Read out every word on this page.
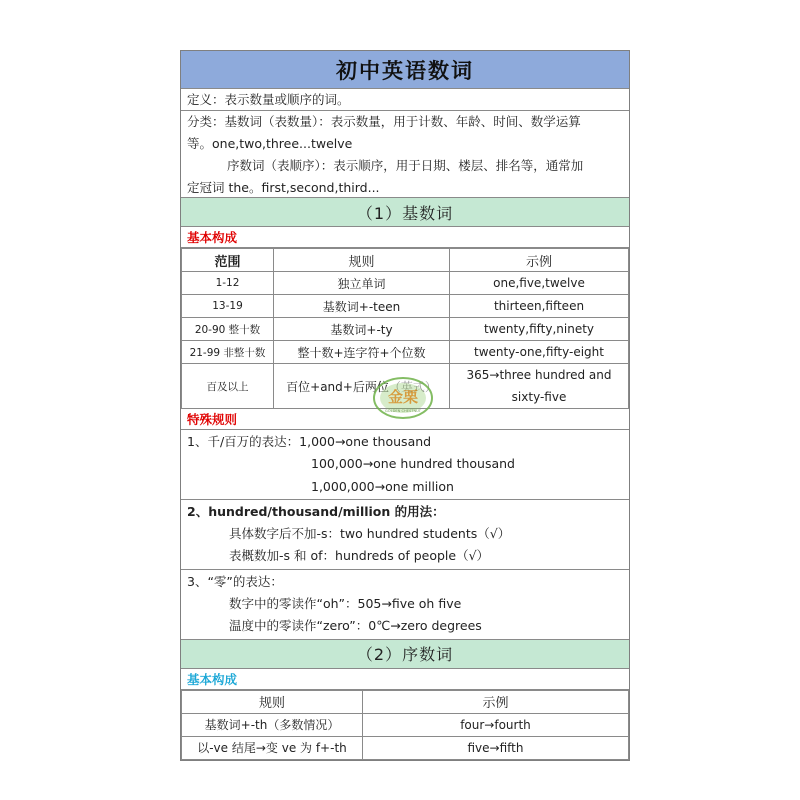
初中英语数词
定义：表示数量或顺序的词。
分类：基数词（表数量）：表示数量，用于计数、年龄、时间、数学运算
等。one,two,three...twelve
序数词（表顺序）：表示顺序，用于日期、楼层、排名等，通常加
定冠词 the。first,second,third...
（1）基数词
基本构成
范围	规则	示例
1-12	独立单词	one,five,twelve
13-19	基数词+-teen	thirteen,fifteen
20-90 整十数	基数词+-ty	twenty,fifty,ninety
21-99 非整十数	整十数+连字符+个位数	twenty-one,fifty-eight
百及以上	百位+and+后两位（英式）	365→three hundred and
sixty-five
特殊规则
1、千/百万的表达：1,000→one thousand
100,000→one hundred thousand
1,000,000→one million
2、hundred/thousand/million 的用法：
具体数字后不加-s：two hundred students（√）
表概数加-s 和 of：hundreds of people（√）
3、“零”的表达：
数字中的零读作“oh”：505→five oh five
温度中的零读作“zero”：0℃→zero degrees
（2）序数词
基本构成
规则	示例
基数词+-th（多数情况）	four→fourth
以-ve 结尾→变 ve 为 f+-th	five→fifth
金栗
GOLDEN CHESTNUT
